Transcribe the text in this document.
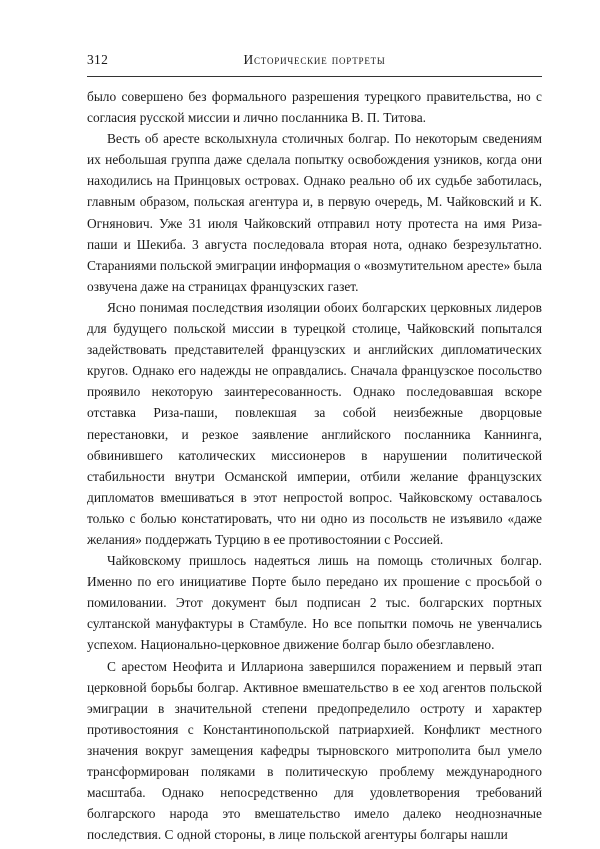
312	Исторические портреты

было совершено без формального разрешения турецкого правительства, но с согласия русской миссии и лично посланника В. П. Титова.

Весть об аресте всколыхнула столичных болгар. По некоторым сведениям их небольшая группа даже сделала попытку освобождения узников, когда они находились на Принцовых островах. Однако реально об их судьбе заботилась, главным образом, польская агентура и, в первую очередь, М. Чайковский и К. Огнянович. Уже 31 июля Чайковский отправил ноту протеста на имя Риза-паши и Шекиба. 3 августа последовала вторая нота, однако безрезультатно. Стараниями польской эмиграции информация о «возмутительном аресте» была озвучена даже на страницах французских газет.

Ясно понимая последствия изоляции обоих болгарских церковных лидеров для будущего польской миссии в турецкой столице, Чайковский попытался задействовать представителей французских и английских дипломатических кругов. Однако его надежды не оправдались. Сначала французское посольство проявило некоторую заинтересованность. Однако последовавшая вскоре отставка Риза-паши, повлекшая за собой неизбежные дворцовые перестановки, и резкое заявление английского посланника Каннинга, обвинившего католических миссионеров в нарушении политической стабильности внутри Османской империи, отбили желание французских дипломатов вмешиваться в этот непростой вопрос. Чайковскому оставалось только с болью констатировать, что ни одно из посольств не изъявило «даже желания» поддержать Турцию в ее противостоянии с Россией.

Чайковскому пришлось надеяться лишь на помощь столичных болгар. Именно по его инициативе Порте было передано их прошение с просьбой о помиловании. Этот документ был подписан 2 тыс. болгарских портных султанской мануфактуры в Стамбуле. Но все попытки помочь не увенчались успехом. Национально-церковное движение болгар было обезглавлено.

С арестом Неофита и Иллариона завершился поражением и первый этап церковной борьбы болгар. Активное вмешательство в ее ход агентов польской эмиграции в значительной степени предопределило остроту и характер противостояния с Константинопольской патриархией. Конфликт местного значения вокруг замещения кафедры тырновского митрополита был умело трансформирован поляками в политическую проблему международного масштаба. Однако непосредственно для удовлетворения требований болгарского народа это вмешательство имело далеко неоднозначные последствия. С одной стороны, в лице польской агентуры болгары нашли
